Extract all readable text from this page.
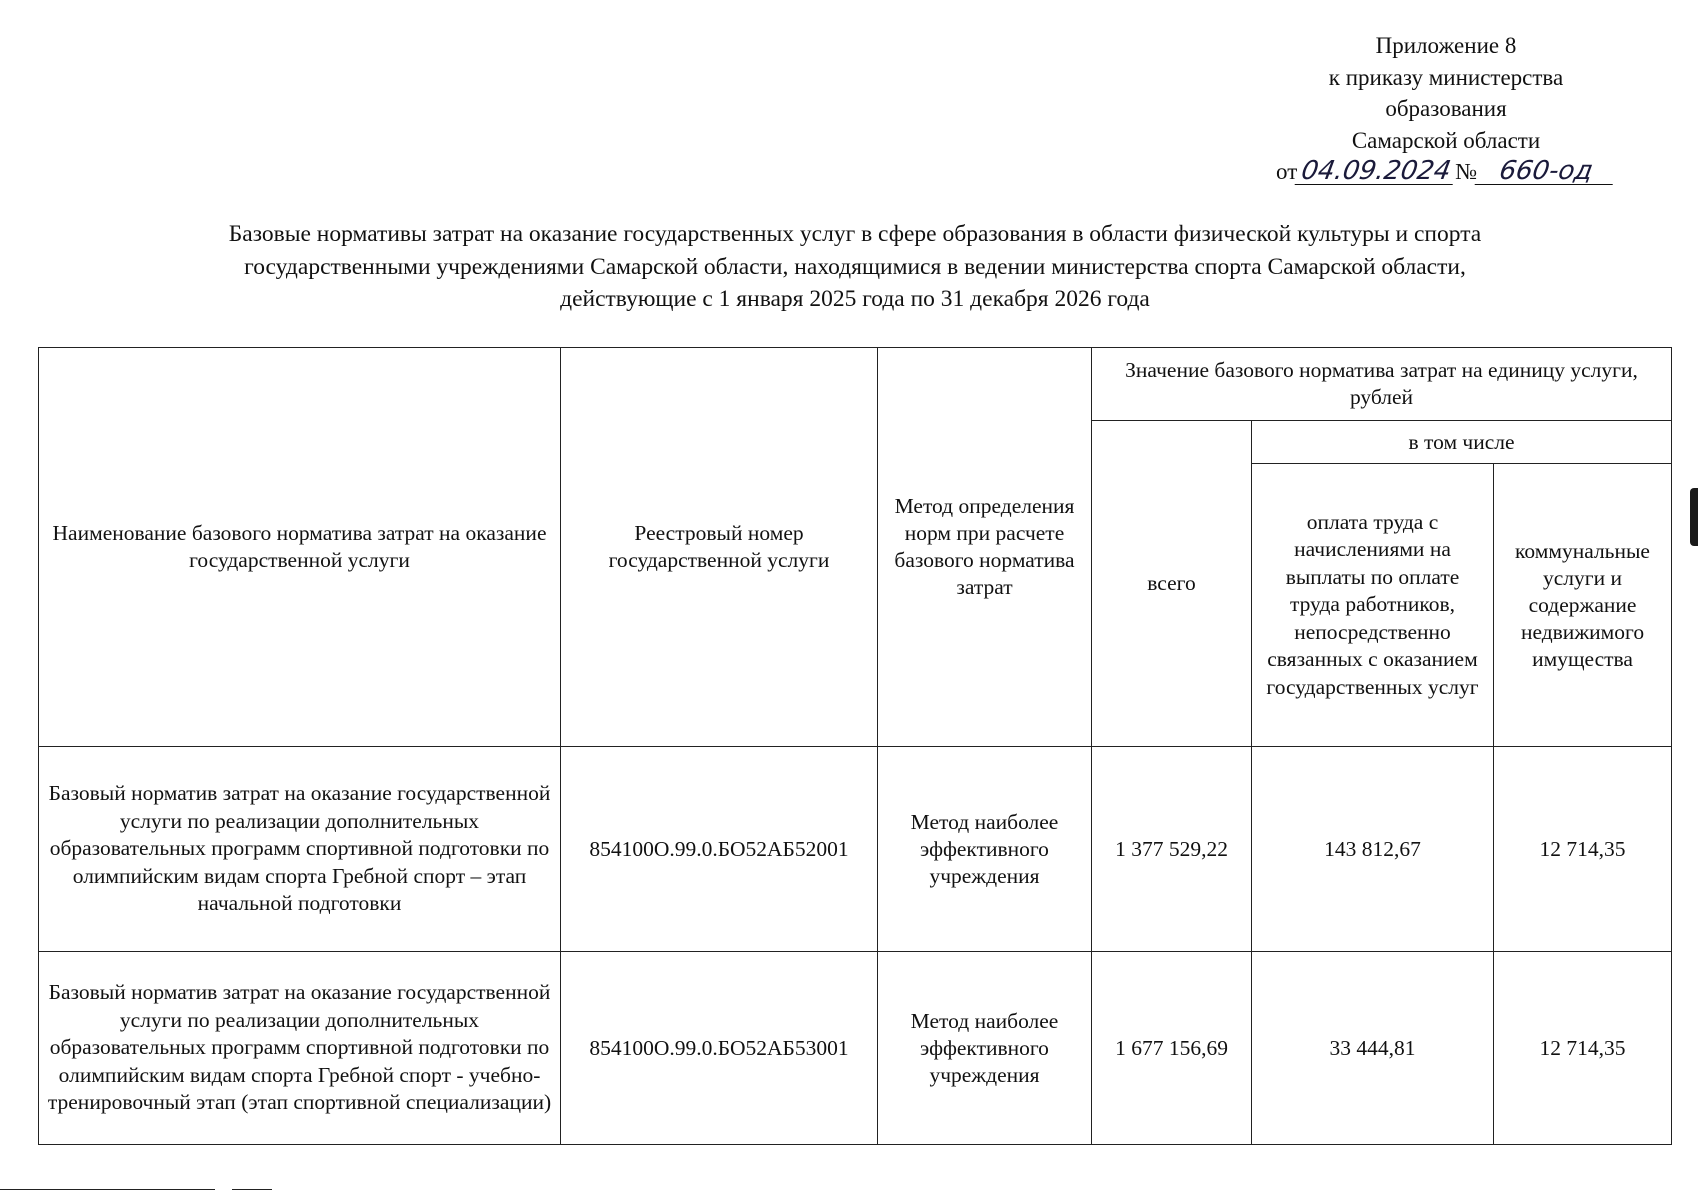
Приложение 8
к приказу министерства
образования
Самарской области
от04.09.2024№ 660-од
Базовые нормативы затрат на оказание государственных услуг в сфере образования в области физической культуры и спорта
государственными учреждениями Самарской области, находящимися в ведении министерства спорта Самарской области,
действующие с 1 января 2025 года по 31 декабря 2026 года
Наименование базового норматива затрат на оказание государственной услуги	Реестровый номер государственной услуги	Метод определения норм при расчете базового норматива затрат	Значение базового норматива затрат на единицу услуги, рублей		
			всего	в том числе	
				оплата труда с начислениями на выплаты по оплате труда работников, непосредственно связанных с оказанием государственных услуг	коммунальные услуги и содержание недвижимого имущества
Базовый норматив затрат на оказание государственной услуги по реализации дополнительных образовательных программ спортивной подготовки по олимпийским видам спорта Гребной спорт – этап начальной подготовки	854100О.99.0.БО52АБ52001	Метод наиболее эффективного учреждения	1 377 529,22	143 812,67	12 714,35
Базовый норматив затрат на оказание государственной услуги по реализации дополнительных образовательных программ спортивной подготовки по олимпийским видам спорта Гребной спорт - учебно-тренировочный этап (этап спортивной специализации)	854100О.99.0.БО52АБ53001	Метод наиболее эффективного учреждения	1 677 156,69	33 444,81	12 714,35
